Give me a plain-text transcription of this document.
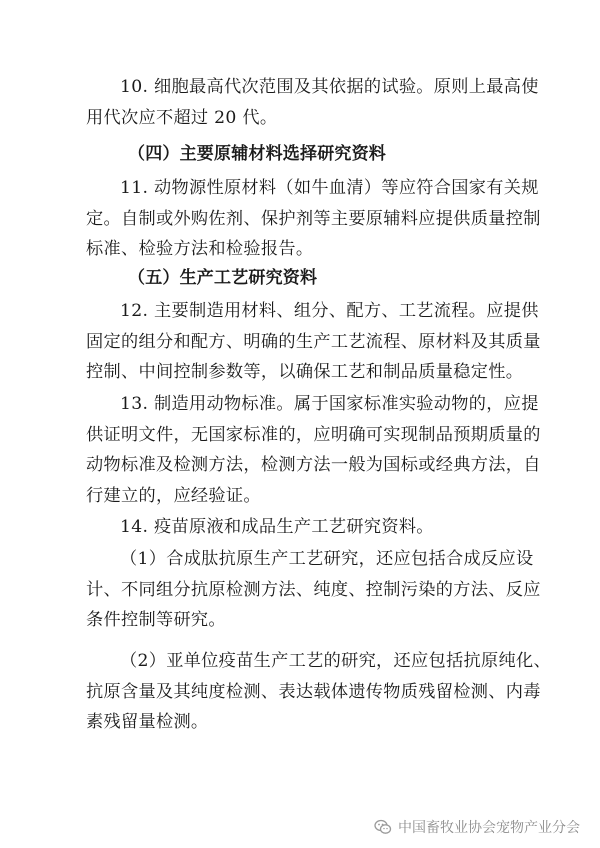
10. 细胞最高代次范围及其依据的试验。原则上最高使
用代次应不超过 20 代。
（四）主要原辅材料选择研究资料
11. 动物源性原材料（如牛血清）等应符合国家有关规
定。自制或外购佐剂、保护剂等主要原辅料应提供质量控制
标准、检验方法和检验报告。
（五）生产工艺研究资料
12. 主要制造用材料、组分、配方、工艺流程。应提供
固定的组分和配方、明确的生产工艺流程、原材料及其质量
控制、中间控制参数等，以确保工艺和制品质量稳定性。
13. 制造用动物标准。属于国家标准实验动物的，应提
供证明文件，无国家标准的，应明确可实现制品预期质量的
动物标准及检测方法，检测方法一般为国标或经典方法，自
行建立的，应经验证。
14. 疫苗原液和成品生产工艺研究资料。
（1）合成肽抗原生产工艺研究，还应包括合成反应设
计、不同组分抗原检测方法、纯度、控制污染的方法、反应
条件控制等研究。
（2）亚单位疫苗生产工艺的研究，还应包括抗原纯化、
抗原含量及其纯度检测、表达载体遗传物质残留检测、内毒
素残留量检测。
中国畜牧业协会宠物产业分会
